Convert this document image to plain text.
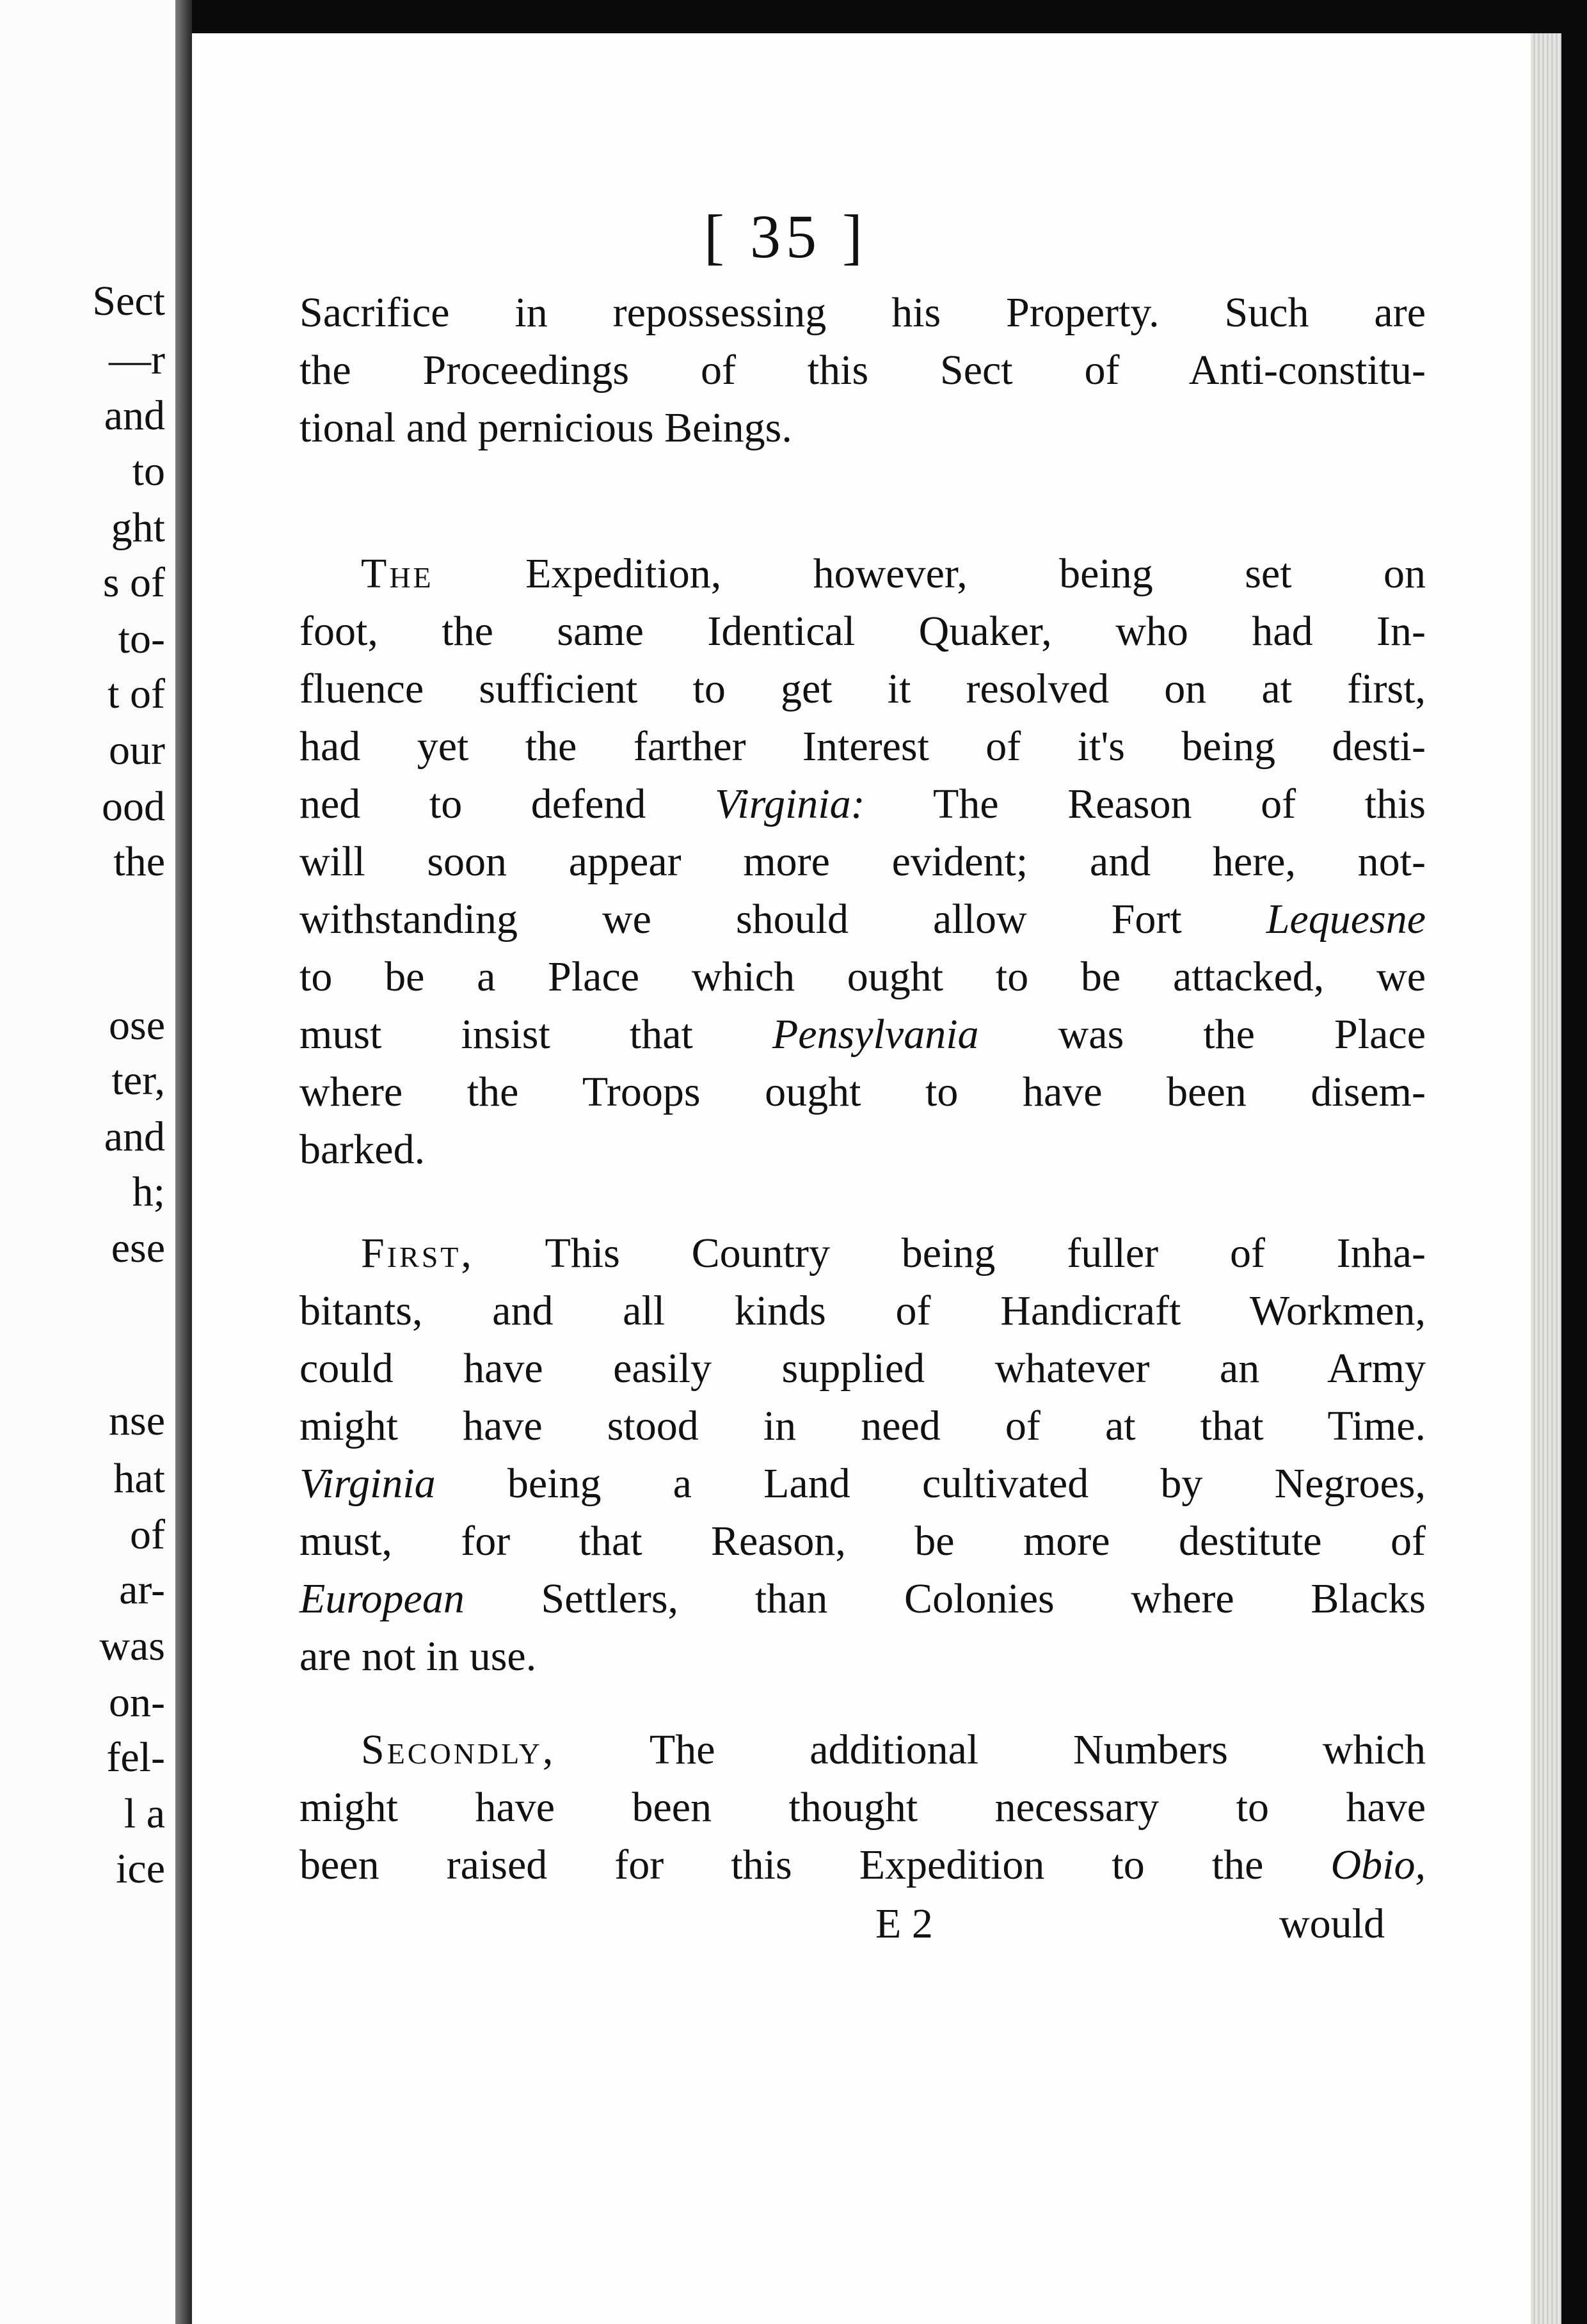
Sect
—r
and
to
ght
s of
to-
t of
our
ood
the
ose
ter,
and
h;
ese
nse
hat
of
ar-
was
on-
fel-
l a
ice
[ 35 ]

Sacrifice in repossessing his Property. Such are
the Proceedings of this Sect of Anti-constitu-
tional and pernicious Beings.

The Expedition, however, being set on
foot, the same Identical Quaker, who had In-
fluence sufficient to get it resolved on at first,
had yet the farther Interest of it's being desti-
ned to defend Virginia: The Reason of this
will soon appear more evident; and here, not-
withstanding we should allow Fort Lequesne
to be a Place which ought to be attacked, we
must insist that Pensylvania was the Place
where the Troops ought to have been disem-
barked.

First, This Country being fuller of Inha-
bitants, and all kinds of Handicraft Workmen,
could have easily supplied whatever an Army
might have stood in need of at that Time.
Virginia being a Land cultivated by Negroes,
must, for that Reason, be more destitute of
European Settlers, than Colonies where Blacks
are not in use.

Secondly, The additional Numbers which
might have been thought necessary to have
been raised for this Expedition to the Obio,

E 2	would
